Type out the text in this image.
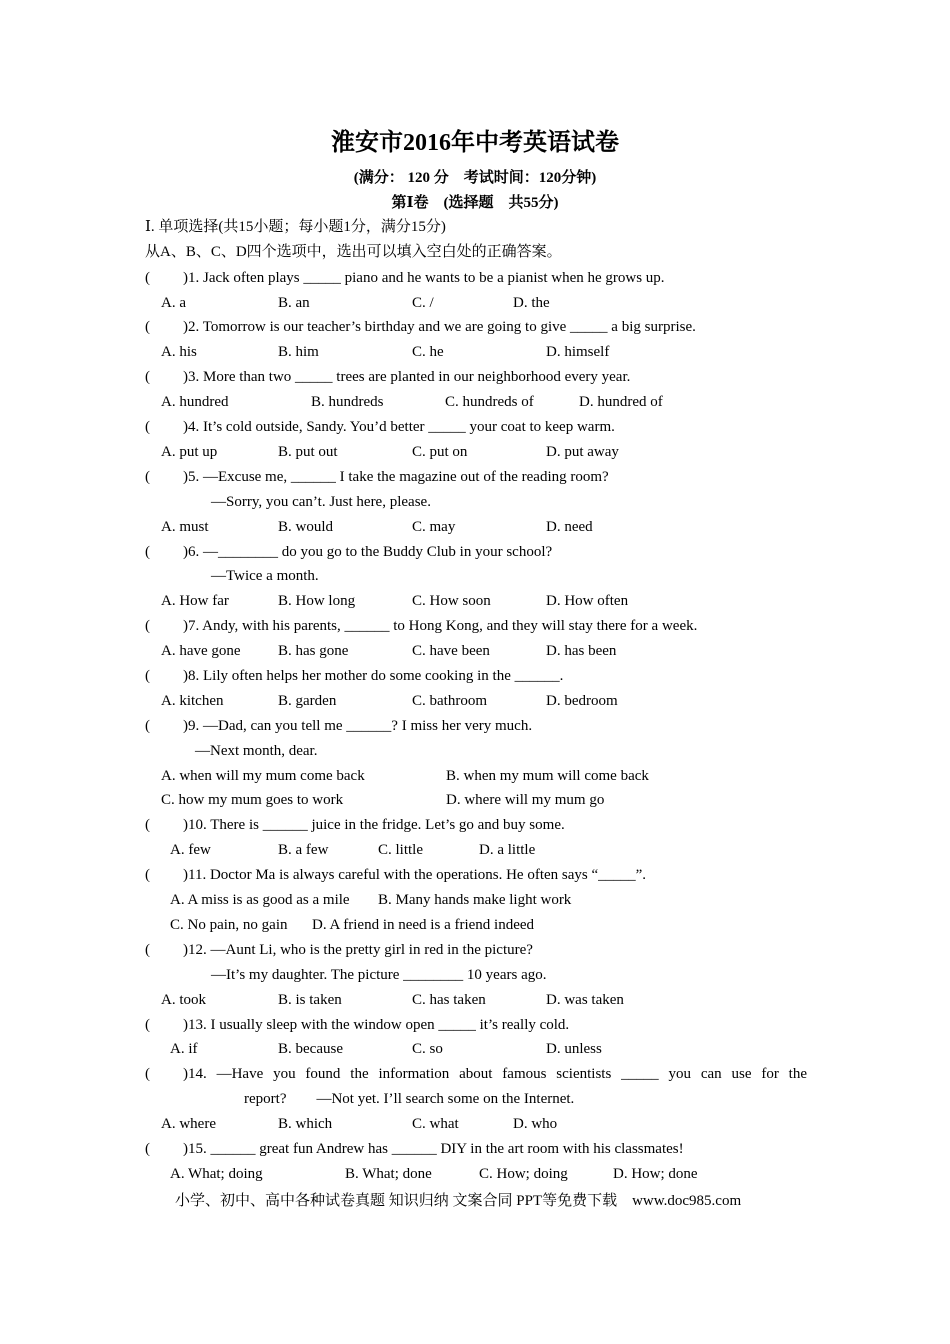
淮安市2016年中考英语试卷
(满分： 120 分　考试时间：120分钟)
第Ⅰ卷　(选择题　共55分)
Ⅰ. 单项选择(共15小题；每小题1分，满分15分)
从A、B、C、D四个选项中，选出可以填入空白处的正确答案。
( )1. Jack often plays _____ piano and he wants to be a pianist when he grows up.
A. a	B. an	C. /	D. the
( )2. Tomorrow is our teacher’s birthday and we are going to give _____ a big surprise.
A. his	B. him	C. he	D. himself
( )3. More than two _____ trees are planted in our neighborhood every year.
A. hundred	B. hundreds	C. hundreds of	D. hundred of
( )4. It’s cold outside, Sandy. You’d better _____ your coat to keep warm.
A. put up	B. put out	C. put on	D. put away
( )5. —Excuse me, ______ I take the magazine out of the reading room?
—Sorry, you can’t. Just here, please.
A. must	B. would	C. may	D. need
( )6. —________ do you go to the Buddy Club in your school?
—Twice a month.
A. How far	B. How long	C. How soon	D. How often
( )7. Andy, with his parents, ______ to Hong Kong, and they will stay there for a week.
A. have gone B. has gone	C. have been	D. has been
( )8. Lily often helps her mother do some cooking in the ______.
A. kitchen	B. garden	C. bathroom	D. bedroom
( )9. —Dad, can you tell me ______? I miss her very much.
—Next month, dear.
A. when will my mum come back	B. when my mum will come back
C. how my mum goes to work	D. where will my mum go
( )10. There is ______ juice in the fridge. Let’s go and buy some.
A. few	B. a few	C. little	D. a little
( )11. Doctor Ma is always careful with the operations. He often says “_____”.
A. A miss is as good as a mile B. Many hands make light work
C. No pain, no gain D. A friend in need is a friend indeed
( )12. —Aunt Li, who is the pretty girl in red in the picture?
—It’s my daughter. The picture ________ 10 years ago.
A. took	B. is taken	C. has taken	D. was taken
( )13. I usually sleep with the window open _____ it’s really cold.
A. if	B. because	C. so	D. unless
( )14. —Have you found the information about famous scientists _____ you can use for the
report?　　—Not yet. I’ll search some on the Internet.
A. where	B. which	C. what	D. who
( )15. ______ great fun Andrew has ______ DIY in the art room with his classmates!
A. What; doing	B. What; done	C. How; doing	D. How; done
小学、初中、高中各种试卷真题 知识归纳 文案合同 PPT等免费下载　www.doc985.com
